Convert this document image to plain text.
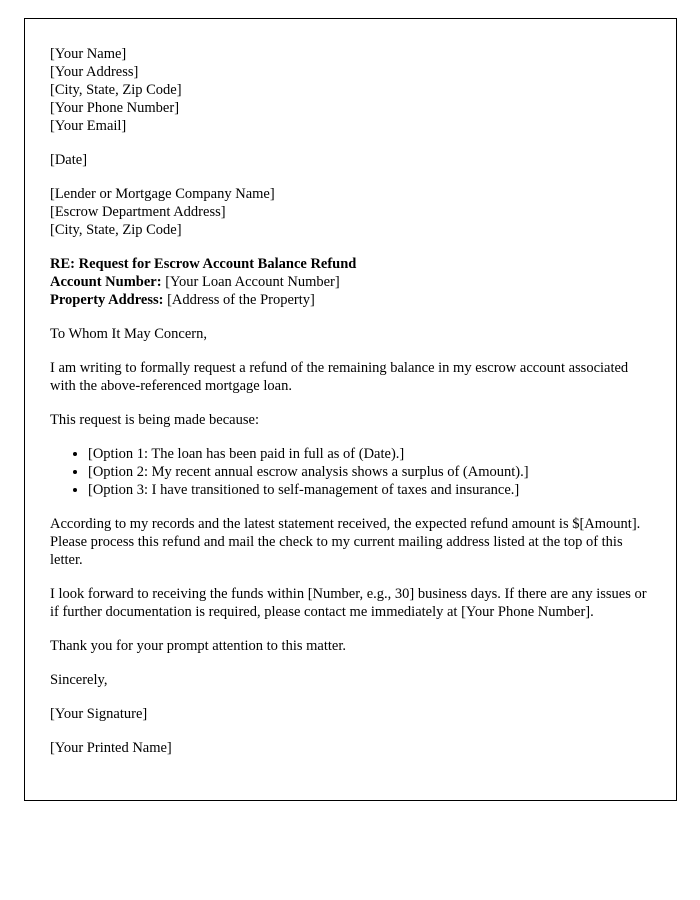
[Your Name]
[Your Address]
[City, State, Zip Code]
[Your Phone Number]
[Your Email]
[Date]
[Lender or Mortgage Company Name]
[Escrow Department Address]
[City, State, Zip Code]
RE: Request for Escrow Account Balance Refund
Account Number: [Your Loan Account Number]
Property Address: [Address of the Property]
To Whom It May Concern,
I am writing to formally request a refund of the remaining balance in my escrow account associated with the above-referenced mortgage loan.
This request is being made because:
• [Option 1: The loan has been paid in full as of (Date).]
• [Option 2: My recent annual escrow analysis shows a surplus of (Amount).]
• [Option 3: I have transitioned to self-management of taxes and insurance.]
According to my records and the latest statement received, the expected refund amount is $[Amount]. Please process this refund and mail the check to my current mailing address listed at the top of this letter.
I look forward to receiving the funds within [Number, e.g., 30] business days. If there are any issues or if further documentation is required, please contact me immediately at [Your Phone Number].
Thank you for your prompt attention to this matter.
Sincerely,
[Your Signature]
[Your Printed Name]
